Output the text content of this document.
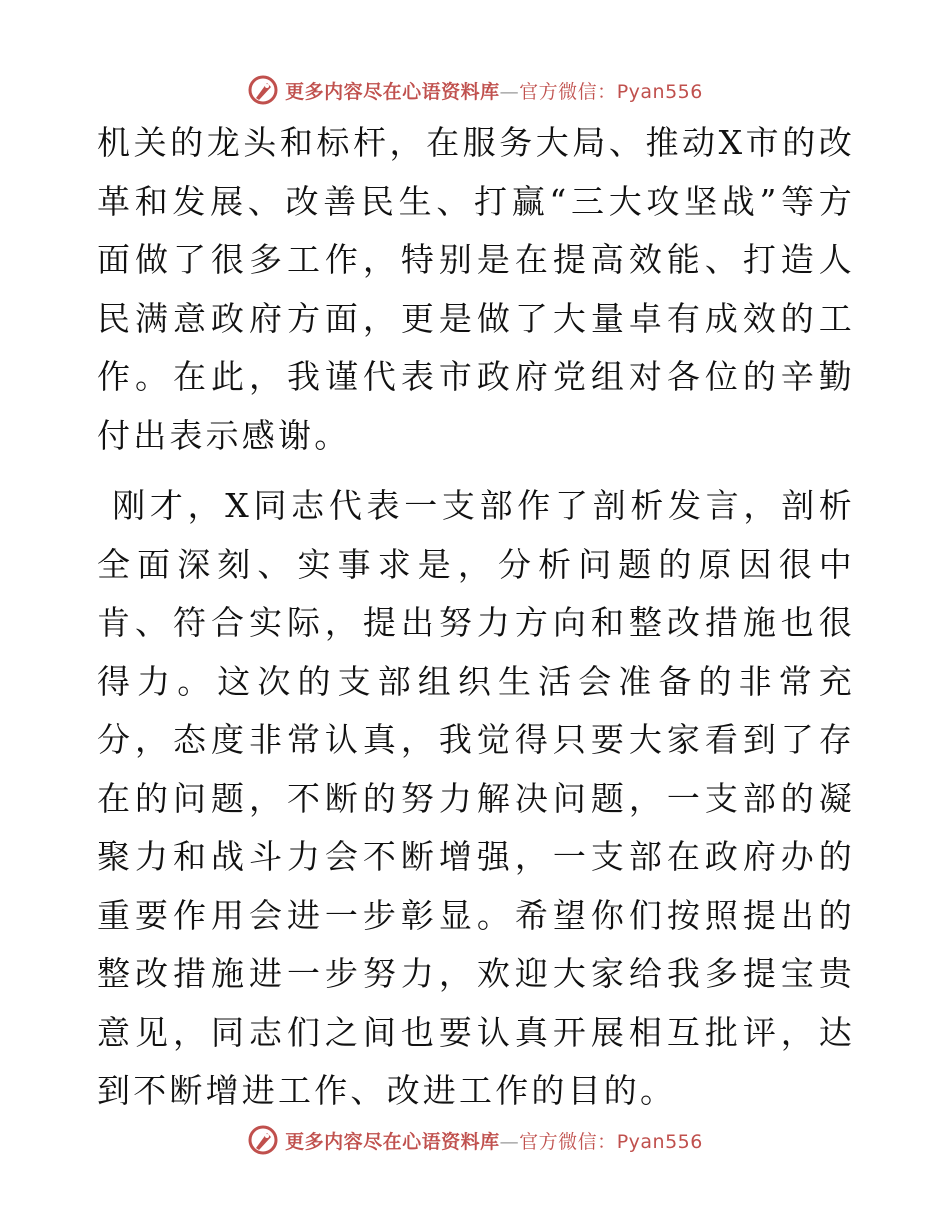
更多内容尽在心语资料库—官方微信：Pyan556

机关的龙头和标杆，在服务大局、推动X市的改革和发展、改善民生、打赢“三大攻坚战”等方面做了很多工作，特别是在提高效能、打造人民满意政府方面，更是做了大量卓有成效的工作。在此，我谨代表市政府党组对各位的辛勤付出表示感谢。

刚才，X同志代表一支部作了剖析发言，剖析全面深刻、实事求是，分析问题的原因很中肯、符合实际，提出努力方向和整改措施也很得力。这次的支部组织生活会准备的非常充分，态度非常认真，我觉得只要大家看到了存在的问题，不断的努力解决问题，一支部的凝聚力和战斗力会不断增强，一支部在政府办的重要作用会进一步彰显。希望你们按照提出的整改措施进一步努力，欢迎大家给我多提宝贵意见，同志们之间也要认真开展相互批评，达到不断增进工作、改进工作的目的。

更多内容尽在心语资料库—官方微信：Pyan556
